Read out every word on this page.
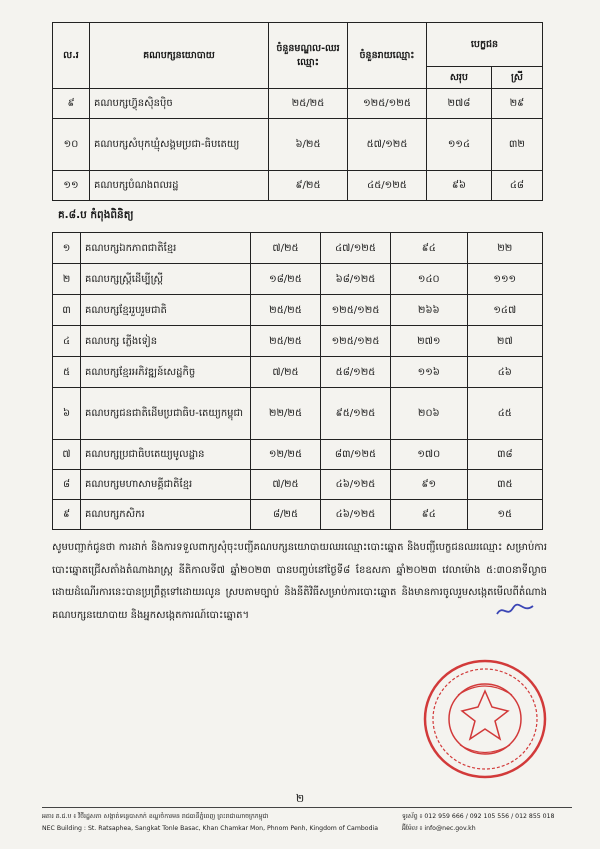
ល.រ	គណបក្សនយោបាយ	ចំនួនមណ្ឌល-ឈរឈ្មោះ	ចំនួនរាយឈ្មោះ	បេក្ខជន	
				សរុប	ស្រី
៩	គណបក្សហ៊្វុនស៊ិនប៉ិច	២៥/២៥	១២៥/១២៥	២៧៨	២៩
១០	គណបក្សសំបុកឃ្មុំសង្គមប្រជា-ធិបតេយ្យ	៦/២៥	៥៧/១២៥	១១៤	៣២
១១	គណបក្សបំណងពលរដ្ឋ	៩/២៥	៤៥/១២៥	៩៦	៤៨
គ.៨.ប កំពុងពិនិត្យ
១	គណបក្សឯកភាពជាតិខ្មែរ	៧/២៥	៤៧/១២៥	៩៤	២២
២	គណបក្សស្ត្រីដើម្បីស្ត្រី	១៨/២៥	៦៨/១២៥	១៤០	១១១
៣	គណបក្សខ្មែររួបរួមជាតិ	២៥/២៥	១២៥/១២៥	២៦៦	១៤៧
៤	គណបក្ស ភ្លើងទៀន	២៥/២៥	១២៥/១២៥	២៧១	២៧
៥	គណបក្សខ្មែរអភិវឌ្ឍន៍សេដ្ឋកិច្ច	៧/២៥	៥៨/១២៥	១១៦	៤៦
៦	គណបក្សជនជាតិដើមប្រជាធិប-តេយ្យកម្ពុជា	២២/២៥	៩៥/១២៥	២០៦	៤៥
៧	គណបក្សប្រជាធិបតេយ្យមូលដ្ឋាន	១២/២៥	៨៣/១២៥	១៧០	៣៨
៨	គណបក្សមហាសាមគ្គីជាតិខ្មែរ	៧/២៥	៤៦/១២៥	៩១	៣៥
៩	គណបក្សកសិករ	៨/២៥	៤៦/១២៥	៩៤	១៥
សូមបញ្ជាក់ជូនថា ការដាក់ និងការទទួលពាក្យសុំចុះបញ្ជីគណបក្សនយោបាយឈរឈ្មោះបោះឆ្នោត និងបញ្ជីបេក្ខជនឈរឈ្មោះ សម្រាប់ការបោះឆ្នោតជ្រើសតាំងតំណាងរាស្ត្រ នីតិកាលទី៧ ឆ្នាំ២០២៣ បានបញ្ចប់នៅថ្ងៃទី៨ ខែឧសភា ឆ្នាំ២០២៣ វេលាម៉ោង ៥:៣០នាទីល្ងាច ដោយដំណើរការនេះបានប្រព្រឹត្តទៅដោយរលូន ស្របតាមច្បាប់ និងនីតិវិធីសម្រាប់ការបោះឆ្នោត និងមានការចូលរួមសង្កេតមើលពីតំណាងគណបក្សនយោបាយ និងអ្នកសង្កេតការណ៍បោះឆ្នោត។
២
អគារ គ.ជ.ប ៖ វិថីរដ្ឋសភា សង្កាត់ទន្លេបាសាក់ ខណ្ឌចំការមន រាជធានីភ្នំពេញ ព្រះរាជាណាចក្រកម្ពុជា
NEC Building : St. Ratsaphea, Sangkat Tonle Basac, Khan Chamkar Mon, Phnom Penh, Kingdom of Cambodia
ទូរស័ព្ទ ៖ 012 959 666 / 092 105 556 / 012 855 018
អ៊ីម៉ែល ៖ info@nec.gov.kh
